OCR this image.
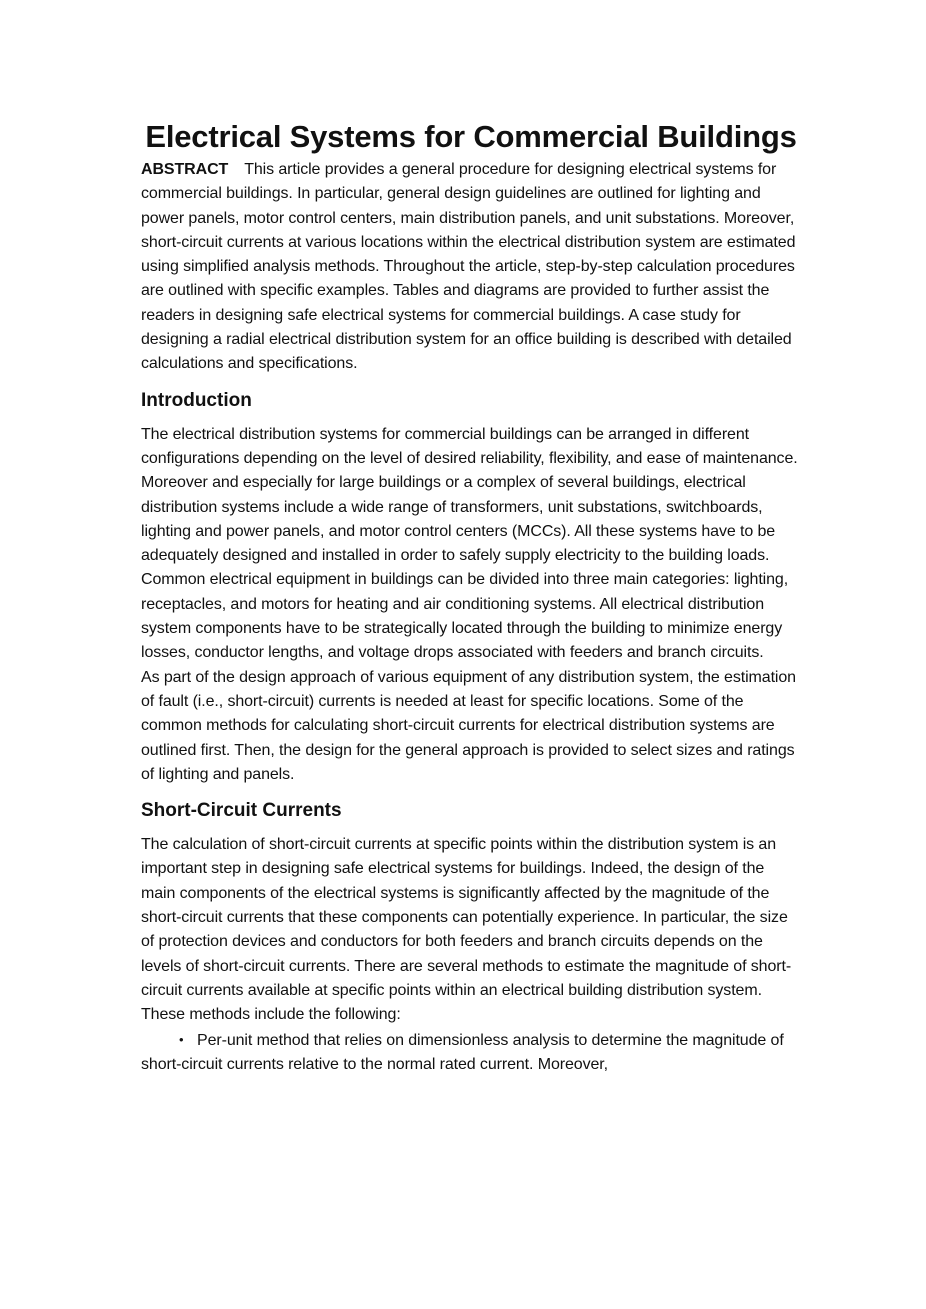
Electrical Systems for Commercial Buildings

ABSTRACT This article provides a general procedure for designing electrical systems for commercial buildings. In particular, general design guidelines are outlined for lighting and power panels, motor control centers, main distribution panels, and unit substations. Moreover, short-circuit currents at various locations within the electrical distribution system are estimated using simplified analysis methods. Throughout the article, step-by-step calculation procedures are outlined with specific examples. Tables and diagrams are provided to further assist the readers in designing safe electrical systems for commercial buildings. A case study for designing a radial electrical distribution system for an office building is described with detailed calculations and specifications.

Introduction

The electrical distribution systems for commercial buildings can be arranged in different configurations depending on the level of desired reliability, flexibility, and ease of maintenance. Moreover and especially for large buildings or a complex of several buildings, electrical distribution systems include a wide range of transformers, unit substations, switchboards, lighting and power panels, and motor control centers (MCCs). All these systems have to be adequately designed and installed in order to safely supply electricity to the building loads. Common electrical equipment in buildings can be divided into three main categories: lighting, receptacles, and motors for heating and air conditioning systems. All electrical distribution system components have to be strategically located through the building to minimize energy losses, conductor lengths, and voltage drops associated with feeders and branch circuits.

As part of the design approach of various equipment of any distribution system, the estimation of fault (i.e., short-circuit) currents is needed at least for specific locations. Some of the common methods for calculating short-circuit currents for electrical distribution systems are outlined first. Then, the design for the general approach is provided to select sizes and ratings of lighting and panels.

Short-Circuit Currents

The calculation of short-circuit currents at specific points within the distribution system is an important step in designing safe electrical systems for buildings. Indeed, the design of the main components of the electrical systems is significantly affected by the magnitude of the short-circuit currents that these components can potentially experience. In particular, the size of protection devices and conductors for both feeders and branch circuits depends on the levels of short-circuit currents. There are several methods to estimate the magnitude of short-circuit currents available at specific points within an electrical building distribution system. These methods include the following:

• Per-unit method that relies on dimensionless analysis to determine the magnitude of short-circuit currents relative to the normal rated current. Moreover,
